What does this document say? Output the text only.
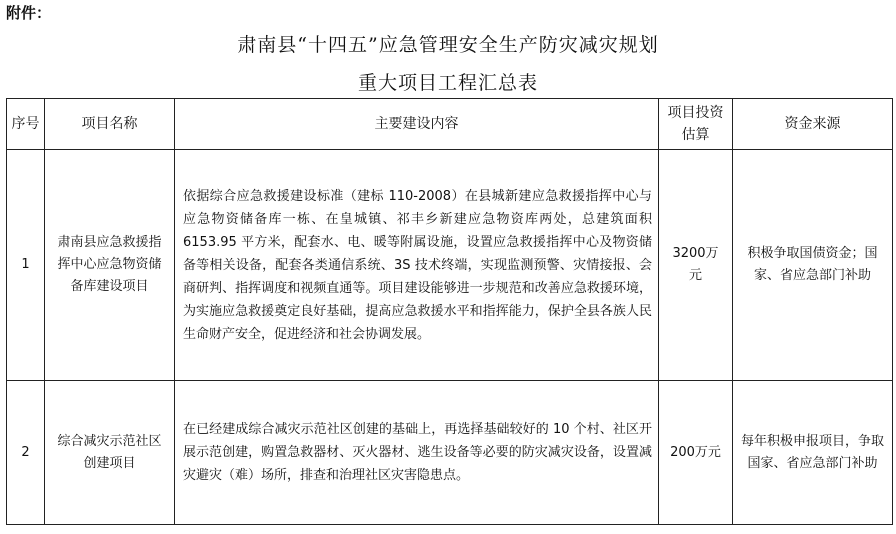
附件：
肃南县“十四五”应急管理安全生产防灾减灾规划
重大项目工程汇总表
序号	项目名称	主要建设内容	项目投资估算	资金来源
1	肃南县应急救援指挥中心应急物资储备库建设项目	依据综合应急救援建设标准（建标 110-2008）在县城新建应急救援指挥中心与应急物资储备库一栋、在皇城镇、祁丰乡新建应急物资库两处，总建筑面积 6153.95 平方米，配套水、电、暖等附属设施，设置应急救援指挥中心及物资储备等相关设备，配套各类通信系统、3S 技术终端，实现监测预警、灾情接报、会商研判、指挥调度和视频直通等。项目建设能够进一步规范和改善应急救援环境，为实施应急救援奠定良好基础，提高应急救援水平和指挥能力，保护全县各族人民生命财产安全，促进经济和社会协调发展。	3200万元	积极争取国债资金；国家、省应急部门补助

2	综合减灾示范社区创建项目	在已经建成综合减灾示范社区创建的基础上，再选择基础较好的 10 个村、社区开展示范创建，购置急救器材、灭火器材、逃生设备等必要的防灾减灾设备，设置减灾避灾（难）场所，排查和治理社区灾害隐患点。	200万元	每年积极申报项目，争取国家、省应急部门补助
